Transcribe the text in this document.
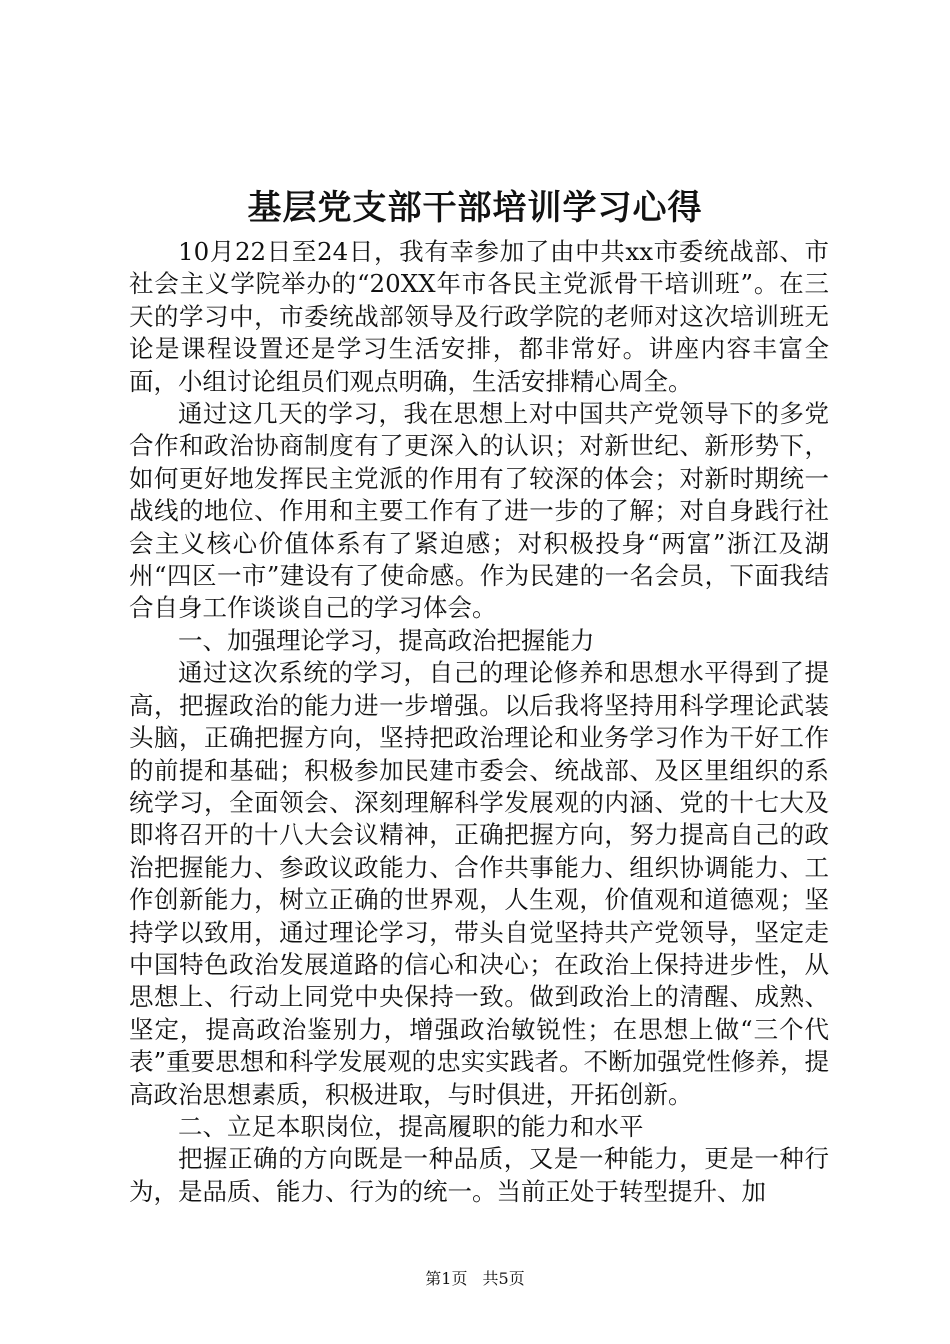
基层党支部干部培训学习心得

10月22日至24日，我有幸参加了由中共xx市委统战部、市社会主义学院举办的“20XX年市各民主党派骨干培训班”。在三天的学习中，市委统战部领导及行政学院的老师对这次培训班无论是课程设置还是学习生活安排，都非常好。讲座内容丰富全面，小组讨论组员们观点明确，生活安排精心周全。

通过这几天的学习，我在思想上对中国共产党领导下的多党合作和政治协商制度有了更深入的认识；对新世纪、新形势下，如何更好地发挥民主党派的作用有了较深的体会；对新时期统一战线的地位、作用和主要工作有了进一步的了解；对自身践行社会主义核心价值体系有了紧迫感；对积极投身“两富”浙江及湖州“四区一市”建设有了使命感。作为民建的一名会员，下面我结合自身工作谈谈自己的学习体会。

一、加强理论学习，提高政治把握能力

通过这次系统的学习，自己的理论修养和思想水平得到了提高，把握政治的能力进一步增强。以后我将坚持用科学理论武装头脑，正确把握方向，坚持把政治理论和业务学习作为干好工作的前提和基础；积极参加民建市委会、统战部、及区里组织的系统学习，全面领会、深刻理解科学发展观的内涵、党的十七大及即将召开的十八大会议精神，正确把握方向，努力提高自己的政治把握能力、参政议政能力、合作共事能力、组织协调能力、工作创新能力，树立正确的世界观，人生观，价值观和道德观；坚持学以致用，通过理论学习，带头自觉坚持共产党领导，坚定走中国特色政治发展道路的信心和决心；在政治上保持进步性，从思想上、行动上同党中央保持一致。做到政治上的清醒、成熟、坚定，提高政治鉴别力，增强政治敏锐性；在思想上做“三个代表”重要思想和科学发展观的忠实实践者。不断加强党性修养，提高政治思想素质，积极进取，与时俱进，开拓创新。

二、立足本职岗位，提高履职的能力和水平

把握正确的方向既是一种品质，又是一种能力，更是一种行为，是品质、能力、行为的统一。当前正处于转型提升、加

第1页 共5页
